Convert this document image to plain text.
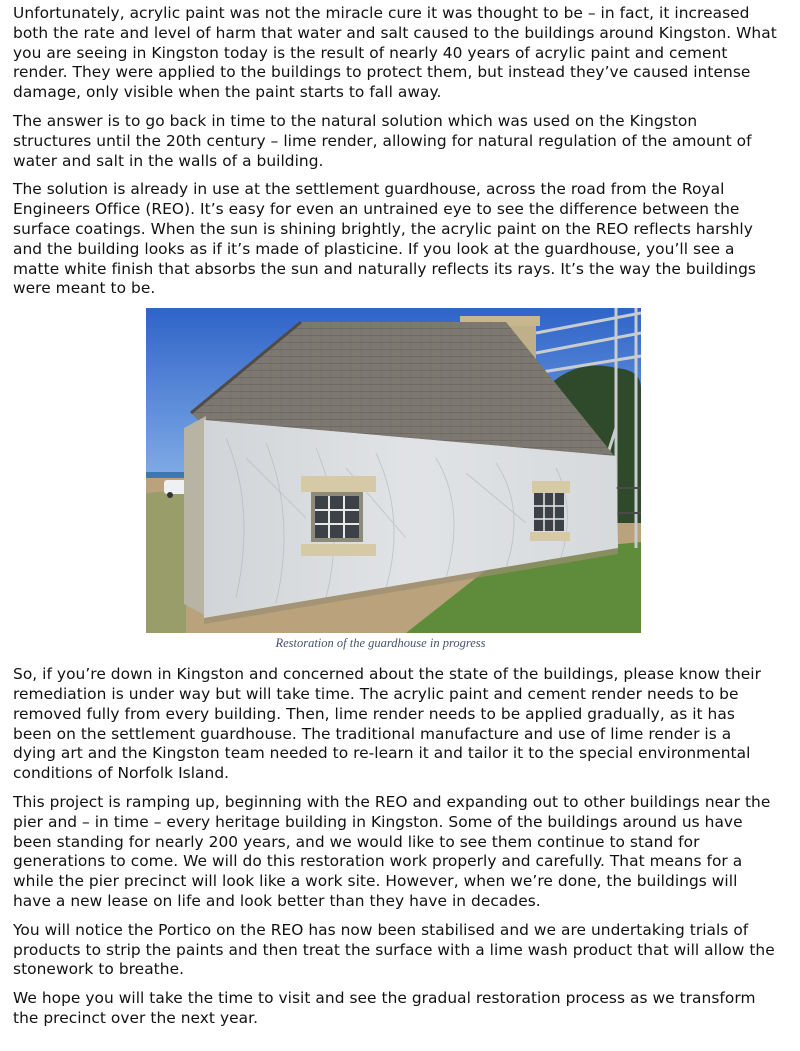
Unfortunately, acrylic paint was not the miracle cure it was thought to be – in fact, it increased both the rate and level of harm that water and salt caused to the buildings around Kingston. What you are seeing in Kingston today is the result of nearly 40 years of acrylic paint and cement render. They were applied to the buildings to protect them, but instead they’ve caused intense damage, only visible when the paint starts to fall away.

The answer is to go back in time to the natural solution which was used on the Kingston structures until the 20th century – lime render, allowing for natural regulation of the amount of water and salt in the walls of a building.

The solution is already in use at the settlement guardhouse, across the road from the Royal Engineers Office (REO). It’s easy for even an untrained eye to see the difference between the surface coatings. When the sun is shining brightly, the acrylic paint on the REO reflects harshly and the building looks as if it’s made of plasticine. If you look at the guardhouse, you’ll see a matte white finish that absorbs the sun and naturally reflects its rays. It’s the way the buildings were meant to be.

Restoration of the guardhouse in progress

So, if you’re down in Kingston and concerned about the state of the buildings, please know their remediation is under way but will take time. The acrylic paint and cement render needs to be removed fully from every building. Then, lime render needs to be applied gradually, as it has been on the settlement guardhouse. The traditional manufacture and use of lime render is a dying art and the Kingston team needed to re-learn it and tailor it to the special environmental conditions of Norfolk Island.

This project is ramping up, beginning with the REO and expanding out to other buildings near the pier and – in time – every heritage building in Kingston. Some of the buildings around us have been standing for nearly 200 years, and we would like to see them continue to stand for generations to come. We will do this restoration work properly and carefully. That means for a while the pier precinct will look like a work site. However, when we’re done, the buildings will have a new lease on life and look better than they have in decades.

You will notice the Portico on the REO has now been stabilised and we are undertaking trials of products to strip the paints and then treat the surface with a lime wash product that will allow the stonework to breathe.

We hope you will take the time to visit and see the gradual restoration process as we transform the precinct over the next year.
